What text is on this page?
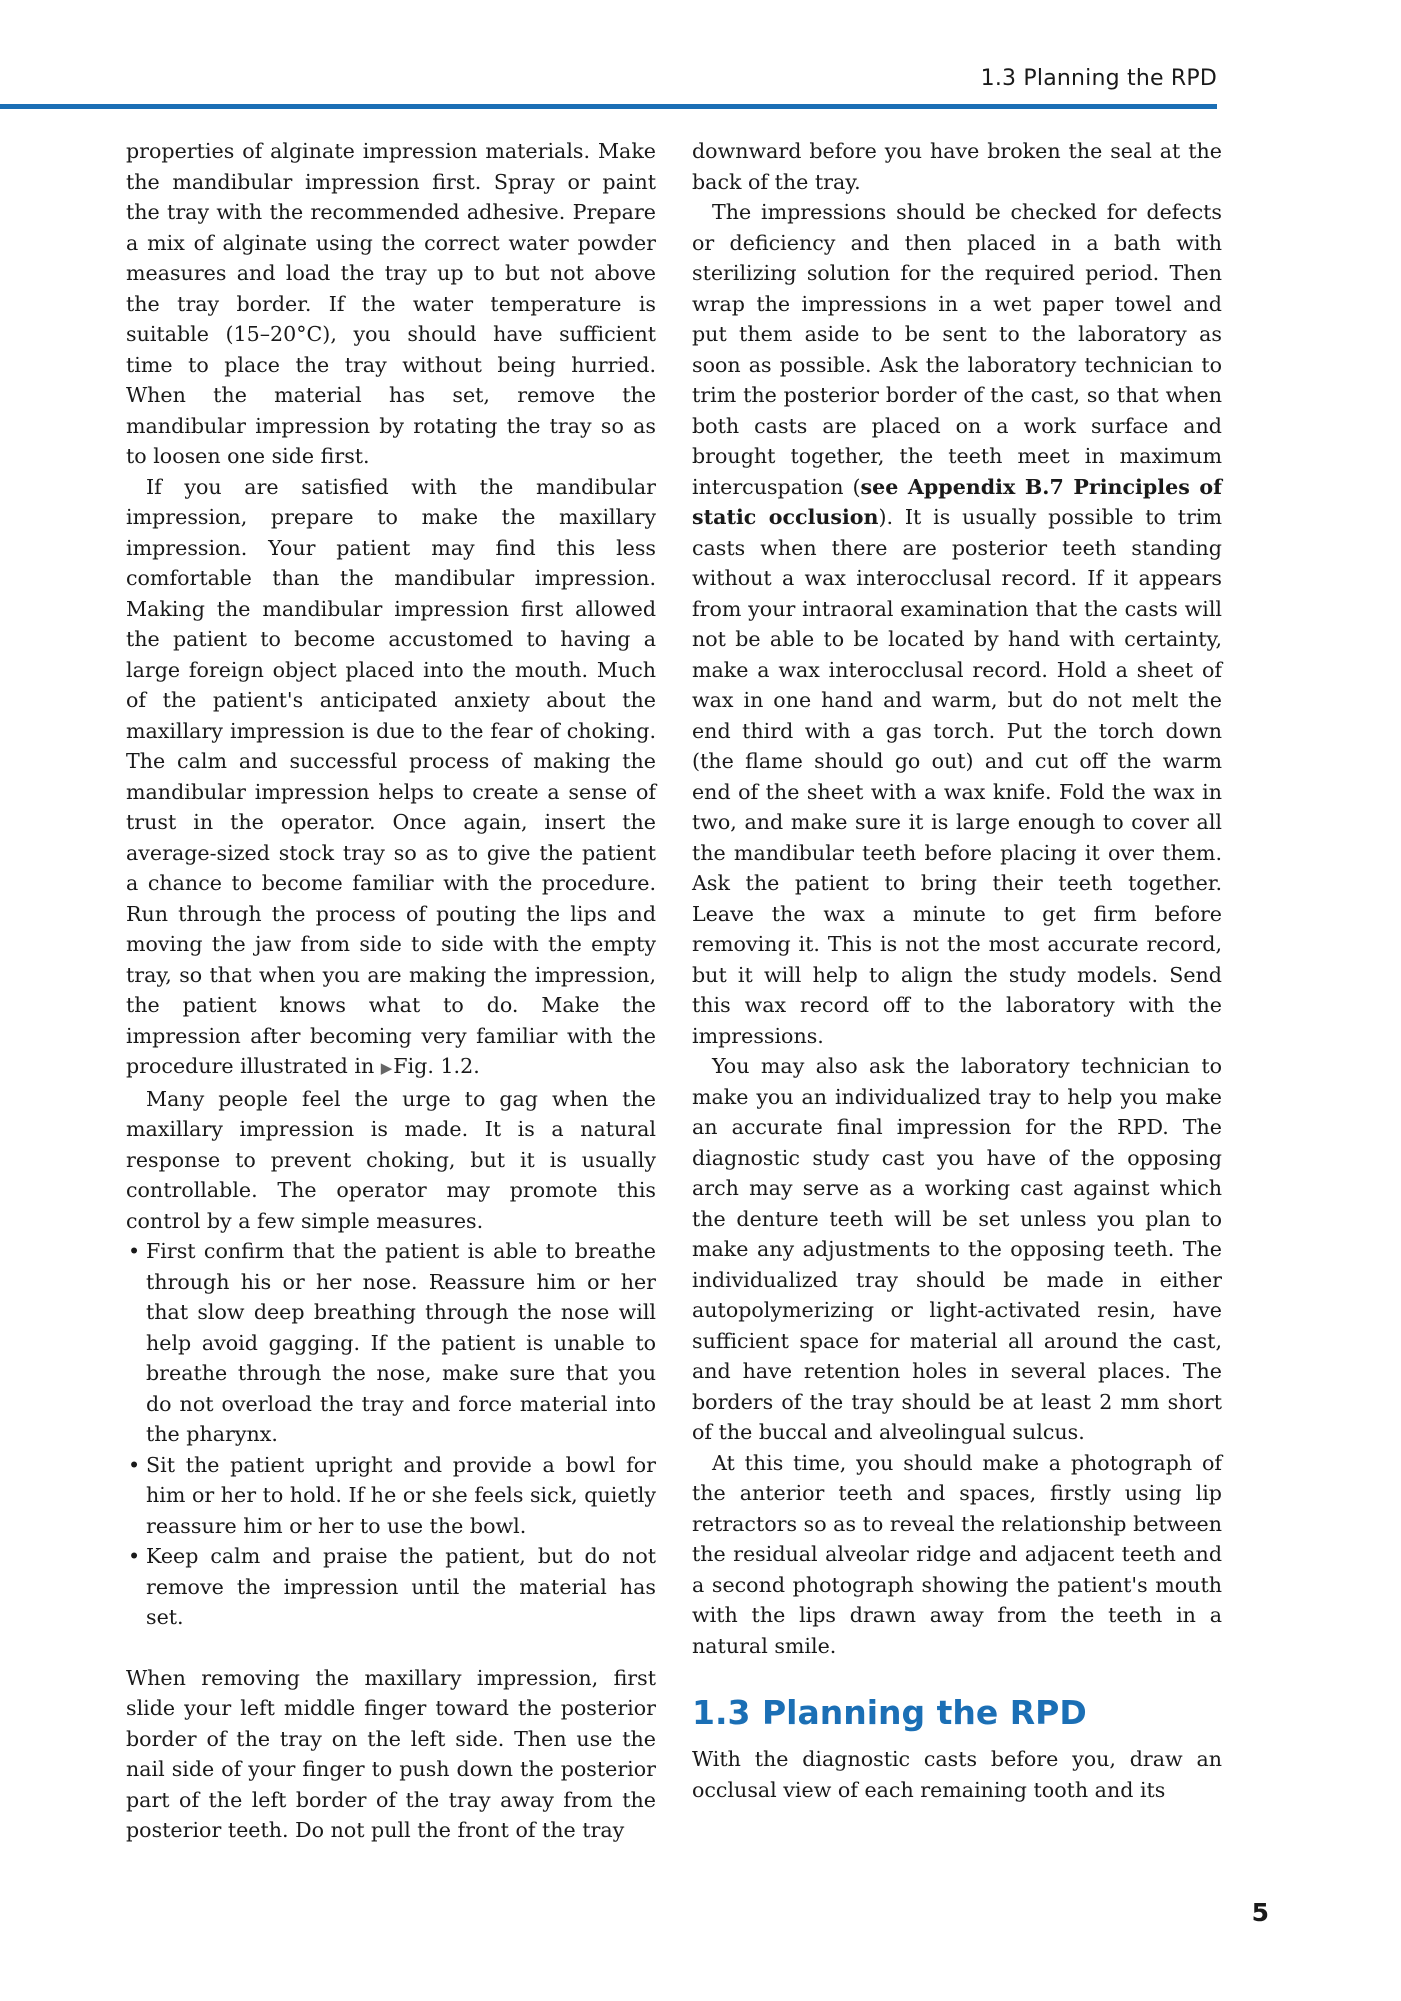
1.3 Planning the RPD

properties of alginate impression materials. Make the mandibular impression first. Spray or paint the tray with the recommended adhesive. Prepare a mix of alginate using the correct water powder measures and load the tray up to but not above the tray border. If the water temperature is suitable (15–20°C), you should have sufficient time to place the tray without being hurried. When the material has set, remove the mandibular impression by rotating the tray so as to loosen one side first.

If you are satisfied with the mandibular impression, prepare to make the maxillary impression. Your patient may find this less comfortable than the mandibular impression. Making the mandibular impression first allowed the patient to become accustomed to having a large foreign object placed into the mouth. Much of the patient's anticipated anxiety about the maxillary impression is due to the fear of choking. The calm and successful process of making the mandibular impression helps to create a sense of trust in the operator. Once again, insert the average-sized stock tray so as to give the patient a chance to become familiar with the procedure. Run through the process of pouting the lips and moving the jaw from side to side with the empty tray, so that when you are making the impression, the patient knows what to do. Make the impression after becoming very familiar with the procedure illustrated in ▶Fig. 1.2.

Many people feel the urge to gag when the maxillary impression is made. It is a natural response to prevent choking, but it is usually controllable. The operator may promote this control by a few simple measures.

• First confirm that the patient is able to breathe through his or her nose. Reassure him or her that slow deep breathing through the nose will help avoid gagging. If the patient is unable to breathe through the nose, make sure that you do not overload the tray and force material into the pharynx.
• Sit the patient upright and provide a bowl for him or her to hold. If he or she feels sick, quietly reassure him or her to use the bowl.
• Keep calm and praise the patient, but do not remove the impression until the material has set.

When removing the maxillary impression, first slide your left middle finger toward the posterior border of the tray on the left side. Then use the nail side of your finger to push down the posterior part of the left border of the tray away from the posterior teeth. Do not pull the front of the tray

downward before you have broken the seal at the back of the tray.

The impressions should be checked for defects or deficiency and then placed in a bath with sterilizing solution for the required period. Then wrap the impressions in a wet paper towel and put them aside to be sent to the laboratory as soon as possible. Ask the laboratory technician to trim the posterior border of the cast, so that when both casts are placed on a work surface and brought together, the teeth meet in maximum intercuspation (see Appendix B.7 Principles of static occlusion). It is usually possible to trim casts when there are posterior teeth standing without a wax interocclusal record. If it appears from your intraoral examination that the casts will not be able to be located by hand with certainty, make a wax interocclusal record. Hold a sheet of wax in one hand and warm, but do not melt the end third with a gas torch. Put the torch down (the flame should go out) and cut off the warm end of the sheet with a wax knife. Fold the wax in two, and make sure it is large enough to cover all the mandibular teeth before placing it over them. Ask the patient to bring their teeth together. Leave the wax a minute to get firm before removing it. This is not the most accurate record, but it will help to align the study models. Send this wax record off to the laboratory with the impressions.

You may also ask the laboratory technician to make you an individualized tray to help you make an accurate final impression for the RPD. The diagnostic study cast you have of the opposing arch may serve as a working cast against which the denture teeth will be set unless you plan to make any adjustments to the opposing teeth. The individualized tray should be made in either autopolymerizing or light-activated resin, have sufficient space for material all around the cast, and have retention holes in several places. The borders of the tray should be at least 2 mm short of the buccal and alveolingual sulcus.

At this time, you should make a photograph of the anterior teeth and spaces, firstly using lip retractors so as to reveal the relationship between the residual alveolar ridge and adjacent teeth and a second photograph showing the patient's mouth with the lips drawn away from the teeth in a natural smile.

1.3 Planning the RPD

With the diagnostic casts before you, draw an occlusal view of each remaining tooth and its

5
